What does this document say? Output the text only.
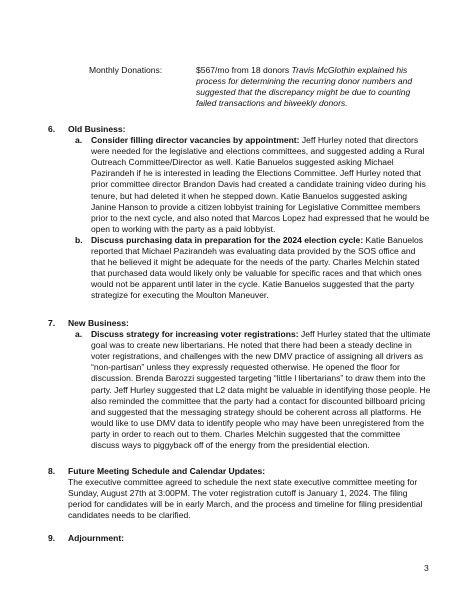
Monthly Donations:	$567/mo from 18 donors Travis McGlothin explained his process for determining the recurring donor numbers and suggested that the discrepancy might be due to counting failed transactions and biweekly donors.
6. Old Business:
a. Consider filling director vacancies by appointment: Jeff Hurley noted that directors were needed for the legislative and elections committees, and suggested adding a Rural Outreach Committee/Director as well. Katie Banuelos suggested asking Michael Pazirandeh if he is interested in leading the Elections Committee. Jeff Hurley noted that prior committee director Brandon Davis had created a candidate training video during his tenure, but had deleted it when he stepped down. Katie Banuelos suggested asking Janine Hanson to provide a citizen lobbyist training for Legislative Committee members prior to the next cycle, and also noted that Marcos Lopez had expressed that he would be open to working with the party as a paid lobbyist.
b. Discuss purchasing data in preparation for the 2024 election cycle: Katie Banuelos reported that Michael Pazirandeh was evaluating data provided by the SOS office and that he believed it might be adequate for the needs of the party. Charles Melchin stated that purchased data would likely only be valuable for specific races and that which ones would not be apparent until later in the cycle. Katie Banuelos suggested that the party strategize for executing the Moulton Maneuver.
7. New Business:
a. Discuss strategy for increasing voter registrations: Jeff Hurley stated that the ultimate goal was to create new libertarians. He noted that there had been a steady decline in voter registrations, and challenges with the new DMV practice of assigning all drivers as “non-partisan” unless they expressly requested otherwise. He opened the floor for discussion. Brenda Barozzi suggested targeting “little l libertarians” to draw them into the party. Jeff Hurley suggested that L2 data might be valuable in identifying those people. He also reminded the committee that the party had a contact for discounted billboard pricing and suggested that the messaging strategy should be coherent across all platforms. He would like to use DMV data to identify people who may have been unregistered from the party in order to reach out to them. Charles Melchin suggested that the committee discuss ways to piggyback off of the energy from the presidential election.
8. Future Meeting Schedule and Calendar Updates:
The executive committee agreed to schedule the next state executive committee meeting for Sunday, August 27th at 3:00PM. The voter registration cutoff is January 1, 2024. The filing period for candidates will be in early March, and the process and timeline for filing presidential candidates needs to be clarified.
9. Adjournment:
3
